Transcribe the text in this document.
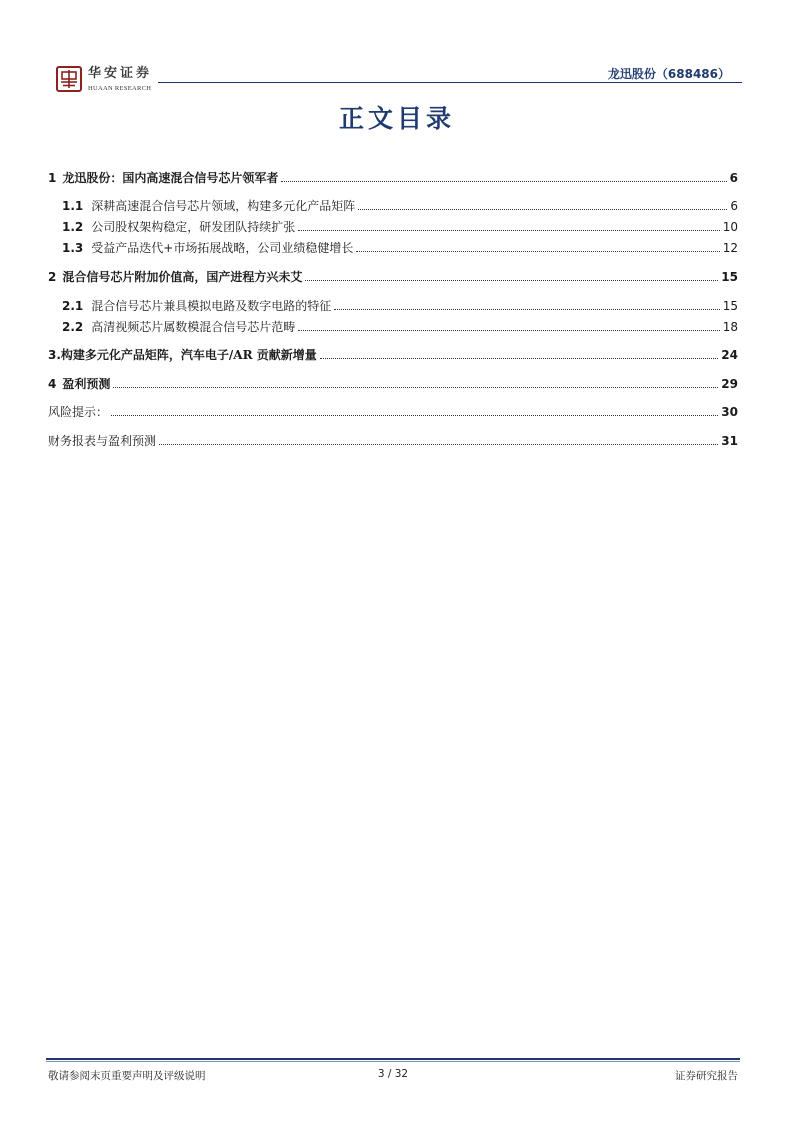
华安证券
HUAAN RESEARCH
龙迅股份（688486）
正文目录
1 龙迅股份：国内高速混合信号芯片领军者	6
1.1 深耕高速混合信号芯片领域，构建多元化产品矩阵	6
1.2 公司股权架构稳定，研发团队持续扩张	10
1.3 受益产品迭代+市场拓展战略，公司业绩稳健增长	12
2 混合信号芯片附加价值高，国产进程方兴未艾	15
2.1 混合信号芯片兼具模拟电路及数字电路的特征	15
2.2 高清视频芯片属数模混合信号芯片范畴	18
3. 构建多元化产品矩阵，汽车电子/AR 贡献新增量	24
4 盈利预测	29
风险提示：	30
财务报表与盈利预测	31
敬请参阅末页重要声明及评级说明	3 / 32	证券研究报告
